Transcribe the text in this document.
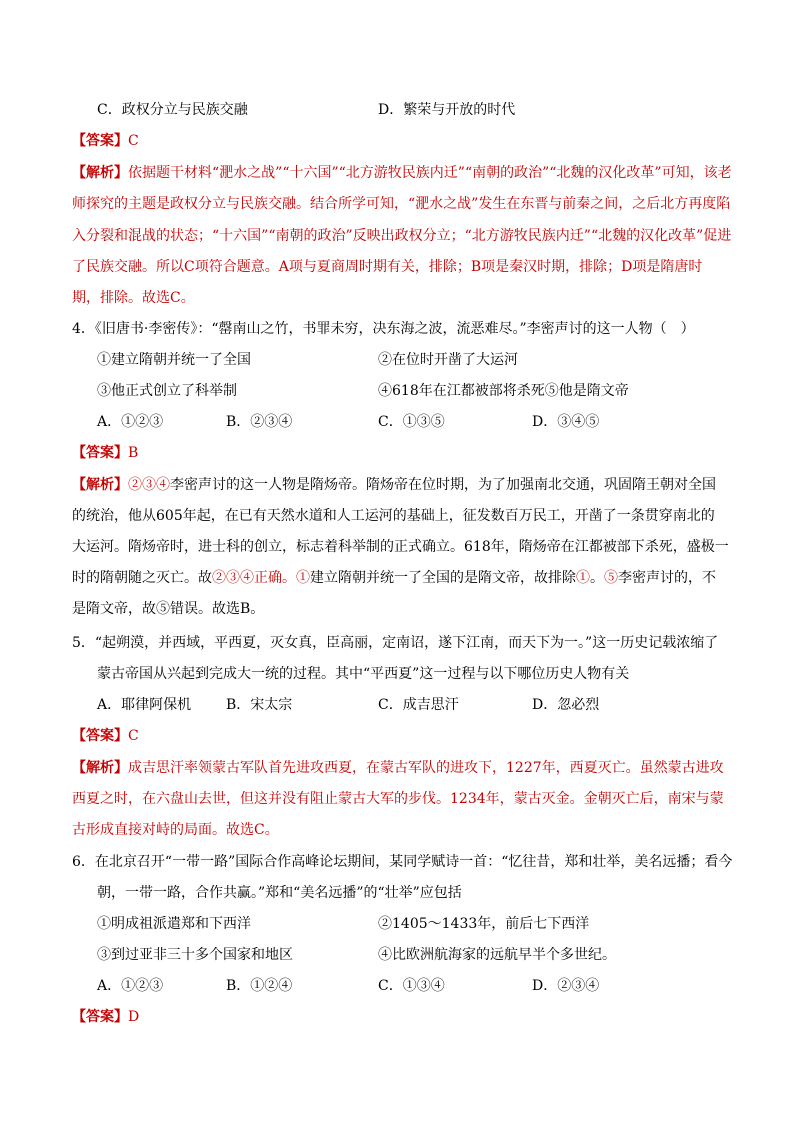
C．政权分立与民族交融	D．繁荣与开放的时代
【答案】C
【解析】依据题干材料“淝水之战”“十六国”“北方游牧民族内迁”“南朝的政治”“北魏的汉化改革”可知，该老
师探究的主题是政权分立与民族交融。结合所学可知，“淝水之战”发生在东晋与前秦之间，之后北方再度陷
入分裂和混战的状态；“十六国”“南朝的政治”反映出政权分立；“北方游牧民族内迁”“北魏的汉化改革”促进
了民族交融。所以C项符合题意。A项与夏商周时期有关，排除；B项是秦汉时期，排除；D项是隋唐时
期，排除。故选C。
4．《旧唐书·李密传》：“罄南山之竹，书罪未穷，决东海之波，流恶难尽。”李密声讨的这一人物（　）
①建立隋朝并统一了全国	②在位时开凿了大运河
③他正式创立了科举制	④618年在江都被部将杀死⑤他是隋文帝
A．①②③	B．②③④	C．①③⑤	D．③④⑤
【答案】B
【解析】②③④李密声讨的这一人物是隋炀帝。隋炀帝在位时期，为了加强南北交通，巩固隋王朝对全国
的统治，他从605年起，在已有天然水道和人工运河的基础上，征发数百万民工，开凿了一条贯穿南北的
大运河。隋炀帝时，进士科的创立，标志着科举制的正式确立。618年，隋炀帝在江都被部下杀死，盛极一
时的隋朝随之灭亡。故②③④正确。①建立隋朝并统一了全国的是隋文帝，故排除①。⑤李密声讨的，不
是隋文帝，故⑤错误。故选B。
5．“起朔漠，并西域，平西夏，灭女真，臣高丽，定南诏，遂下江南，而天下为一。”这一历史记载浓缩了
蒙古帝国从兴起到完成大一统的过程。其中“平西夏”这一过程与以下哪位历史人物有关
A．耶律阿保机 B．宋太宗	C．成吉思汗	D．忽必烈
【答案】C
【解析】成吉思汗率领蒙古军队首先进攻西夏，在蒙古军队的进攻下，1227年，西夏灭亡。虽然蒙古进攻
西夏之时，在六盘山去世，但这并没有阻止蒙古大军的步伐。1234年，蒙古灭金。金朝灭亡后，南宋与蒙
古形成直接对峙的局面。故选C。
6．在北京召开“一带一路”国际合作高峰论坛期间，某同学赋诗一首：“忆往昔，郑和壮举，美名远播；看今
朝，一带一路，合作共赢。”郑和“美名远播”的“壮举”应包括
①明成祖派遣郑和下西洋	②1405～1433年，前后七下西洋
③到过亚非三十多个国家和地区	④比欧洲航海家的远航早半个多世纪。
A．①②③	B．①②④	C．①③④	D．②③④
【答案】D
